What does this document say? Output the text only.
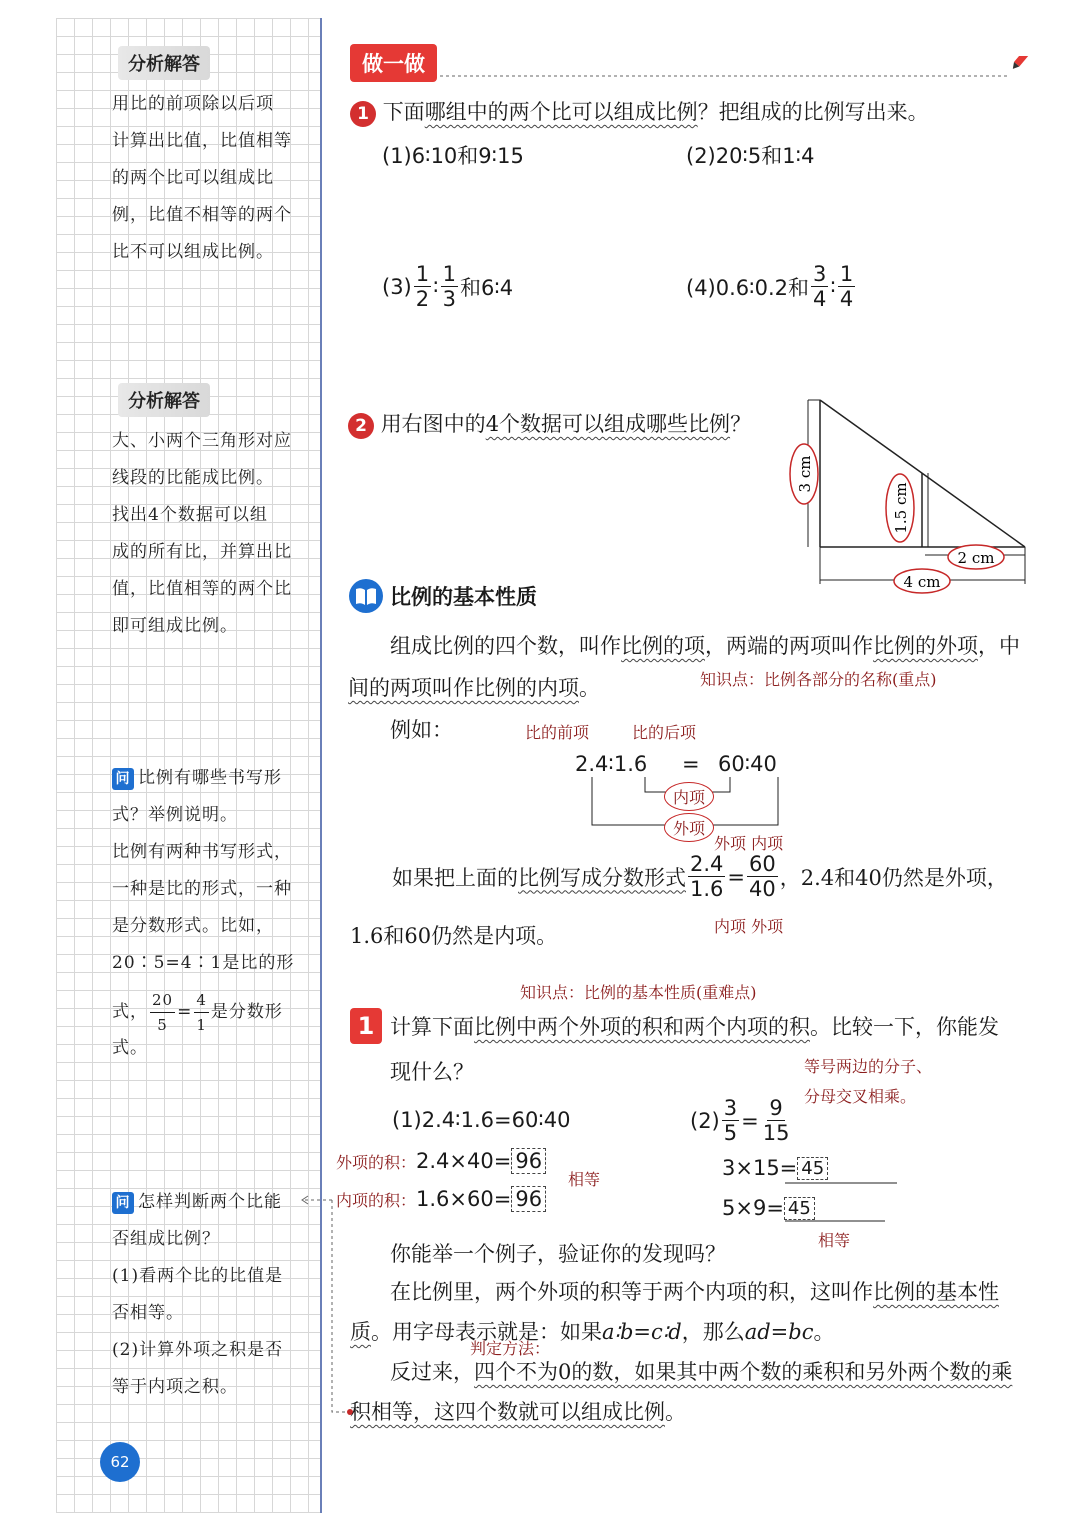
分析解答
用比的前项除以后项
计算出比值，比值相等
的两个比可以组成比
例，比值不相等的两个
比不可以组成比例。
分析解答
大、小两个三角形对应
线段的比能成比例。
找出4个数据可以组
成的所有比，并算出比
值，比值相等的两个比
即可组成比例。
问 比例有哪些书写形
式？举例说明。
比例有两种书写形式，
一种是比的形式，一种
是分数形式。比如，
20∶5=4∶1是比的形
式， $\frac{20}{5} = \frac{4}{1}$ 是分数形式。
问 怎样判断两个比能
否组成比例？
(1)看两个比的比值是
否相等。
(2)计算外项之积是否
等于内项之积。
62
做一做
1 下面哪组中的两个比可以组成比例？把组成的比例写出来。
(1)6∶10和9∶15	(2)20∶5和1∶4
$(3) \frac{1}{2}$ ∶ $\frac{1}{3}$ 和6∶4	(4)0.6∶0.2和 $\frac{3}{4}$ ∶ $\frac{1}{4}$
2 用右图中的4个数据可以组成哪些比例？
3 cm
1.5 cm
2 cm
4 cm
比例的基本性质
组成比例的四个数，叫作比例的项，两端的两项叫作比例的外项，中
间的两项叫作比例的内项。	知识点：比例各部分的名称(重点)
例如：	比的前项	比的后项
2.4∶1.6 = 60∶40
内项
外项
外项 内项
如果把上面的 比例写成分数形式 $\frac{2.4}{1.6} = \frac{60}{40}$ ，2.4和40仍然是外项，
内项 外项
1.6和60仍然是内项。
知识点：比例的基本性质(重难点)
1 计算下面 比例中两个外项的积和两个内项的积 。比较一下，你能发
现什么？	等号两边的分子、
分母交叉相乘。
(1)2.4∶1.6=60∶40
外项的积： 2.4×40= 96
内项的积： 1.6×60= 96
相等
$(2) \frac{3}{5} = \frac{9}{15}$
3×15= 45
5×9= 45
相等
你能举一个例子，验证你的发现吗？
在比例里，两个外项的积等于两个内项的积，这叫作比例的基本性
质。用字母表示就是：如果a∶b=c∶d，那么ad=bc。
判定方法：
反过来，四个不为0的数，如果其中两个数的乘积和另外两个数的乘
积相等，这四个数就可以组成比例。
